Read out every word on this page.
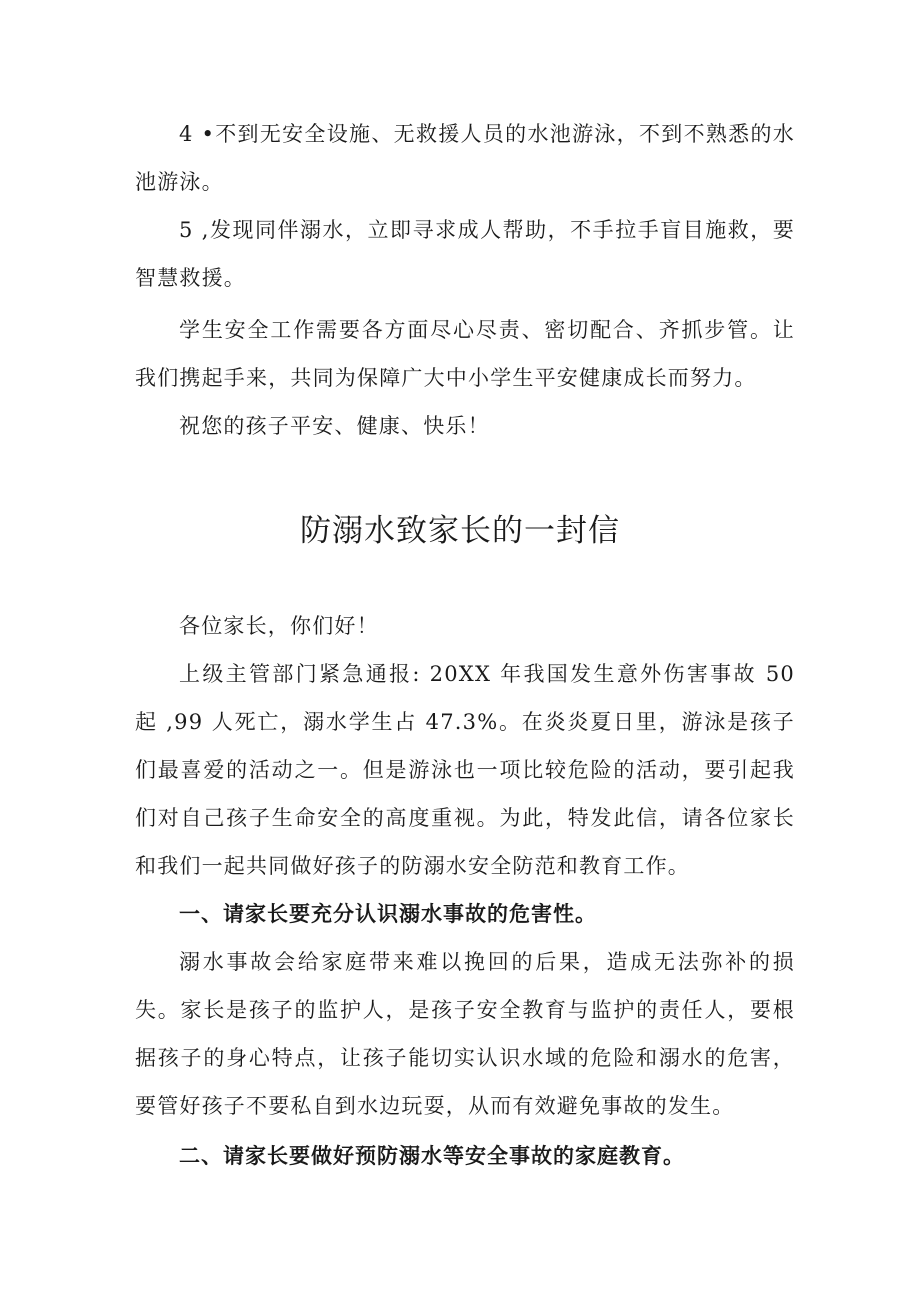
4 •不到无安全设施、无救援人员的水池游泳，不到不熟悉的水池游泳。

5 ,发现同伴溺水，立即寻求成人帮助，不手拉手盲目施救，要智慧救援。

学生安全工作需要各方面尽心尽责、密切配合、齐抓步管。让我们携起手来，共同为保障广大中小学生平安健康成长而努力。

祝您的孩子平安、健康、快乐！

防溺水致家长的一封信

各位家长，你们好！

上级主管部门紧急通报: 20XX 年我国发生意外伤害事故 50 起 ,99 人死亡，溺水学生占 47.3%。在炎炎夏日里，游泳是孩子们最喜爱的活动之一。但是游泳也一项比较危险的活动，要引起我们对自己孩子生命安全的高度重视。为此，特发此信，请各位家长和我们一起共同做好孩子的防溺水安全防范和教育工作。

一、请家长要充分认识溺水事故的危害性。

溺水事故会给家庭带来难以挽回的后果，造成无法弥补的损失。家长是孩子的监护人，是孩子安全教育与监护的责任人，要根据孩子的身心特点，让孩子能切实认识水域的危险和溺水的危害，要管好孩子不要私自到水边玩耍，从而有效避免事故的发生。

二、请家长要做好预防溺水等安全事故的家庭教育。
